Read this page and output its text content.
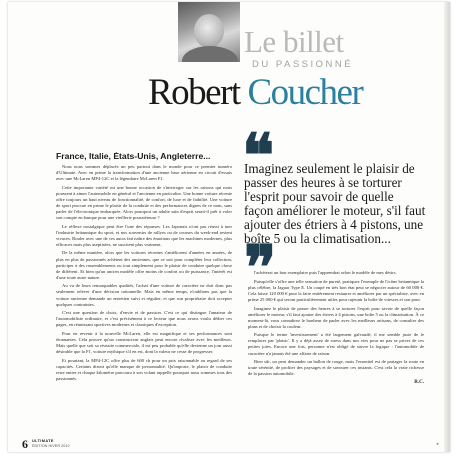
Le billet
DU PASSIONNÉ
Robert Coucher
France, Italie, États-Unis, Angleterre...

Nous nous sommes déplacés un peu partout dans le monde pour ce premier numéro d'Ultimate. Avec en prime la transformation d'une ancienne base aérienne en circuit d'essais avec une McLaren MP4-12C et la légendaire McLaren F1.

Cette importante variété est une bonne occasion de s'interroger sur les raisons qui nous poussent à aimer l'automobile en général et l'ancienne en particulier. Une bonne voiture récente offre toujours un haut niveau de fonctionnalité, de confort, de luxe et de fiabilité. Une voiture de sport procure en prime le plaisir de la conduite et des performances dignes de ce nom, sans parler de l'électronique embarquée. Alors pourquoi un adulte sain d'esprit serait-il prêt à voler son compte en banque pour une vieillerie poussiéreuse ?

Le réflexe nostalgique peut être l'une des réponses. Les Japonais n'ont pas réussi à tuer l'industrie britannique du sport, et nos souvenirs de rallyes ou de courses du week-end restent vivaces. Rouler avec une de ces autos fait naître des émotions que les machines modernes, plus efficaces mais plus aseptisées, ne suscitent plus vraiment.

De la même manière, alors que les voitures récentes s'améliorent d'années en années, de plus en plus de passionnés achètent des anciennes, que ce soit pour compléter leur collection, participer à des rassemblements ou tout simplement pour le plaisir de conduire quelque chose de différent. Et bien qu'un ancien modèle offre moins de confort ou de puissance, l'intérêt est d'une toute autre nature.

Au vu de leurs remarquables qualités, l'achat d'une voiture de caractère ne doit donc pas seulement relever d'une décision rationnelle. Mais en même temps, n'oublions pas que la voiture ancienne demande un entretien suivi et régulier, et que son propriétaire doit accepter quelques contraintes.

C'est une question de choix, d'envie et de passion. C'est ce qui distingue l'amateur de l'automobiliste ordinaire, et c'est précisément à ce lecteur que nous avons voulu dédier ces pages, en réunissant sportives modernes et classiques d'exception.

Pour en revenir à la nouvelle McLaren, elle est magnifique et ses performances sont étonnantes. Cela prouve qu'un constructeur anglais peut encore rivaliser avec les meilleurs. Mais quelle que soit sa réussite commerciale, il est peu probable qu'elle devienne un jour aussi désirable que la F1, voiture mythique s'il en est, dont la valeur ne cesse de progresser.

Et pourtant, la MP4-12C offre plus de 600 ch pour un prix raisonnable au regard de ses capacités. Certains diront qu'elle manque de personnalité. Qu'importe, le plaisir de conduite reste entier et chaque kilomètre parcouru à son volant rappelle pourquoi nous sommes tous des passionnés.

❝

Imaginez seulement le plaisir de passer des heures à se torturer l'esprit pour savoir de quelle façon améliorer le moteur, s'il faut ajouter des étriers à 4 pistons, une boîte 5 ou la climatisation...

❞

l'achèterai un bon exemplaire puis l'apprendrai selon le modèle de mes désirs.

Puisqu'elle s'offre une telle sensation de pureté, pratiquez l'exemple de l'icône britannique la plus célèbre, la Jaguar Type E. Un coupé en très bon état peut se négocier autour de 60 000 €. Cela laisse 120 000 € pour la faire entièrement restaurer et améliorer par un spécialiste, avec en prime 25 000 € qui seront particulièrement utiles pour rajeunir la boîte de vitesses et son pont.

Imaginez le plaisir de passer des heures à se torturer l'esprit pour savoir de quelle façon améliorer le moteur, s'il faut ajouter des étriers à 4 pistons, une boîte 5 ou la climatisation. À ce moment-là, vous connaîtrez le bonheur de parler avec les meilleurs artisans, de consulter des plans et de choisir la couleur.

Puisque le terme 'investissement' a été largement galvaudé, il me semble juste de le remplacer par 'plaisir'. Il y a déjà assez de stress dans nos vies pour ne pas se priver de ces petites joies. Encore une fois, personne n'est obligé de suivre la logique : l'automobile de caractère n'a jamais été une affaire de raison.

Bien sûr, on peut demander un ballon de rouge, mais l'essentiel est de partager la route en toute sérénité, de profiter des paysages et de savourer ces instants. C'est cela la vraie richesse de la passion automobile.

R.C.

6 ULTIMATE
ÉDITION HIVER 2012	►
